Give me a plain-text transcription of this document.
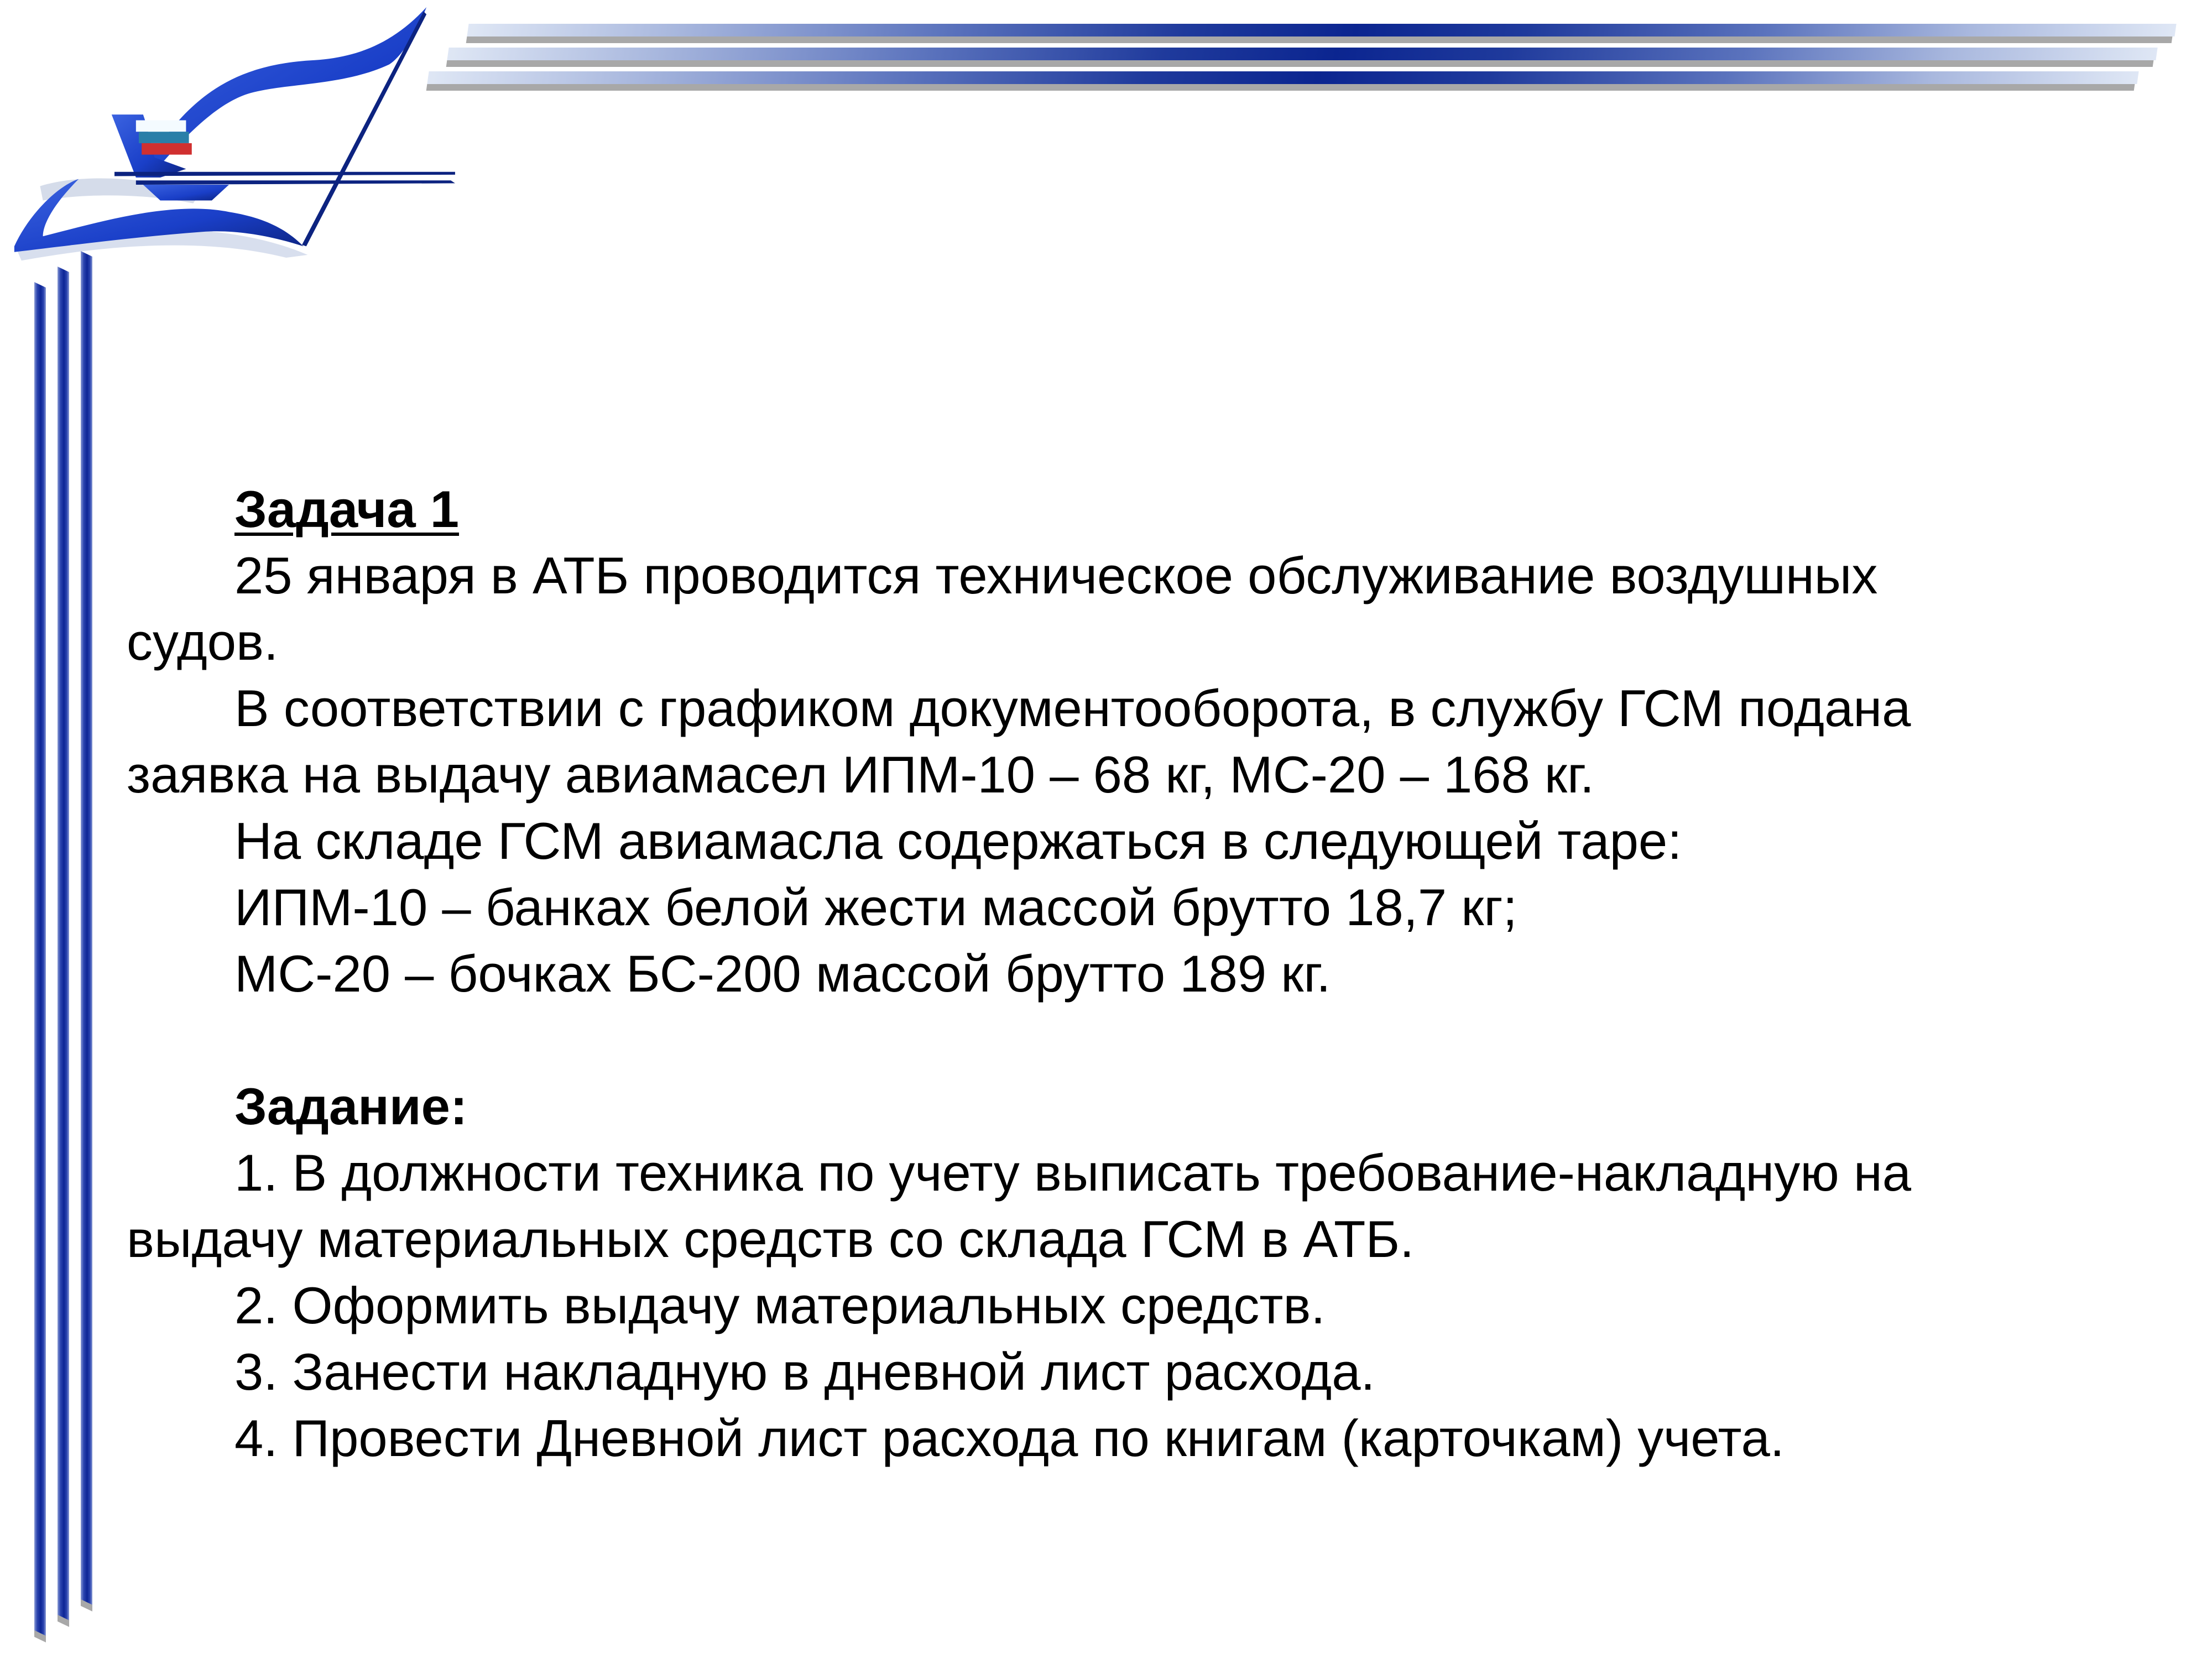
Задача 1
25 января в АТБ проводится техническое обслуживание воздушных
судов.
В соответствии с графиком документооборота, в службу ГСМ подана
заявка на выдачу авиамасел ИПМ-10 – 68 кг, МС-20 – 168 кг.
На складе ГСМ авиамасла содержаться в следующей таре:
ИПМ-10 – банках белой жести массой брутто 18,7 кг;
МС-20 – бочках БС-200 массой брутто 189 кг.
Задание:
1. В должности техника по учету выписать требование-накладную на
выдачу материальных средств со склада ГСМ в АТБ.
2. Оформить выдачу материальных средств.
3. Занести накладную в дневной лист расхода.
4. Провести Дневной лист расхода по книгам (карточкам) учета.
